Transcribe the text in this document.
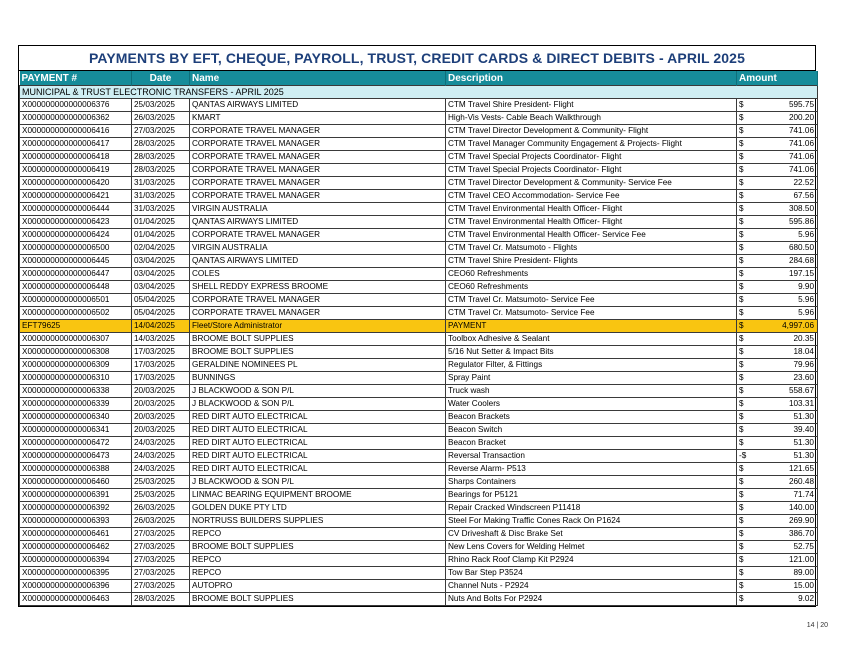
PAYMENTS BY EFT, CHEQUE, PAYROLL, TRUST, CREDIT CARDS & DIRECT DEBITS - APRIL 2025
PAYMENT #	Date	Name	Description	Amount	
MUNICIPAL & TRUST ELECTRONIC TRANSFERS - APRIL 2025					
X000000000000006376	25/03/2025	QANTAS AIRWAYS LIMITED	CTM Travel Shire President- Flight	$	595.75
X000000000000006362	26/03/2025	KMART	High-Vis Vests- Cable Beach Walkthrough	$	200.20
X000000000000006416	27/03/2025	CORPORATE TRAVEL MANAGER	CTM Travel Director Development & Community- Flight	$	741.06
X000000000000006417	28/03/2025	CORPORATE TRAVEL MANAGER	CTM Travel Manager Community Engagement & Projects- Flight	$	741.06
X000000000000006418	28/03/2025	CORPORATE TRAVEL MANAGER	CTM Travel Special Projects Coordinator- Flight	$	741.06
X000000000000006419	28/03/2025	CORPORATE TRAVEL MANAGER	CTM Travel Special Projects Coordinator- Flight	$	741.06
X000000000000006420	31/03/2025	CORPORATE TRAVEL MANAGER	CTM Travel Director Development & Community- Service Fee	$	22.52
X000000000000006421	31/03/2025	CORPORATE TRAVEL MANAGER	CTM Travel CEO Accommodation- Service Fee	$	67.56
X000000000000006444	31/03/2025	VIRGIN AUSTRALIA	CTM Travel Environmental Health Officer- Flight	$	308.50
X000000000000006423	01/04/2025	QANTAS AIRWAYS LIMITED	CTM Travel Environmental Health Officer- Flight	$	595.86
X000000000000006424	01/04/2025	CORPORATE TRAVEL MANAGER	CTM Travel Environmental Health Officer- Service Fee	$	5.96
X000000000000006500	02/04/2025	VIRGIN AUSTRALIA	CTM Travel Cr. Matsumoto - Flights	$	680.50
X000000000000006445	03/04/2025	QANTAS AIRWAYS LIMITED	CTM Travel Shire President- Flights	$	284.68
X000000000000006447	03/04/2025	COLES	CEO60 Refreshments	$	197.15
X000000000000006448	03/04/2025	SHELL REDDY EXPRESS BROOME	CEO60 Refreshments	$	9.90
X000000000000006501	05/04/2025	CORPORATE TRAVEL MANAGER	CTM Travel Cr. Matsumoto- Service Fee	$	5.96
X000000000000006502	05/04/2025	CORPORATE TRAVEL MANAGER	CTM Travel Cr. Matsumoto- Service Fee	$	5.96
EFT79625	14/04/2025	Fleet/Store Administrator	PAYMENT	$	4,997.06
X000000000000006307	14/03/2025	BROOME BOLT SUPPLIES	Toolbox Adhesive & Sealant	$	20.35
X000000000000006308	17/03/2025	BROOME BOLT SUPPLIES	5/16 Nut Setter & Impact Bits	$	18.04
X000000000000006309	17/03/2025	GERALDINE NOMINEES PL	Regulator Filter, & Fittings	$	79.96
X000000000000006310	17/03/2025	BUNNINGS	Spray Paint	$	23.60
X000000000000006338	20/03/2025	J BLACKWOOD & SON P/L	Truck wash	$	558.67
X000000000000006339	20/03/2025	J BLACKWOOD & SON P/L	Water Coolers	$	103.31
X000000000000006340	20/03/2025	RED DIRT AUTO ELECTRICAL	Beacon Brackets	$	51.30
X000000000000006341	20/03/2025	RED DIRT AUTO ELECTRICAL	Beacon Switch	$	39.40
X000000000000006472	24/03/2025	RED DIRT AUTO ELECTRICAL	Beacon Bracket	$	51.30
X000000000000006473	24/03/2025	RED DIRT AUTO ELECTRICAL	Reversal Transaction	-$	51.30
X000000000000006388	24/03/2025	RED DIRT AUTO ELECTRICAL	Reverse Alarm- P513	$	121.65
X000000000000006460	25/03/2025	J BLACKWOOD & SON P/L	Sharps Containers	$	260.48
X000000000000006391	25/03/2025	LINMAC BEARING EQUIPMENT BROOME	Bearings for P5121	$	71.74
X000000000000006392	26/03/2025	GOLDEN DUKE PTY LTD	Repair Cracked Windscreen P11418	$	140.00
X000000000000006393	26/03/2025	NORTRUSS BUILDERS SUPPLIES	Steel For Making Traffic Cones Rack On P1624	$	269.90
X000000000000006461	27/03/2025	REPCO	CV Driveshaft & Disc Brake Set	$	386.70
X000000000000006462	27/03/2025	BROOME BOLT SUPPLIES	New Lens Covers for Welding Helmet	$	52.75
X000000000000006394	27/03/2025	REPCO	Rhino Rack Roof Clamp Kit P2924	$	121.00
X000000000000006395	27/03/2025	REPCO	Tow Bar Step P3524	$	89.00
X000000000000006396	27/03/2025	AUTOPRO	Channel Nuts - P2924	$	15.00
X000000000000006463	28/03/2025	BROOME BOLT SUPPLIES	Nuts And Bolts For P2924	$	9.02
14 | 20
